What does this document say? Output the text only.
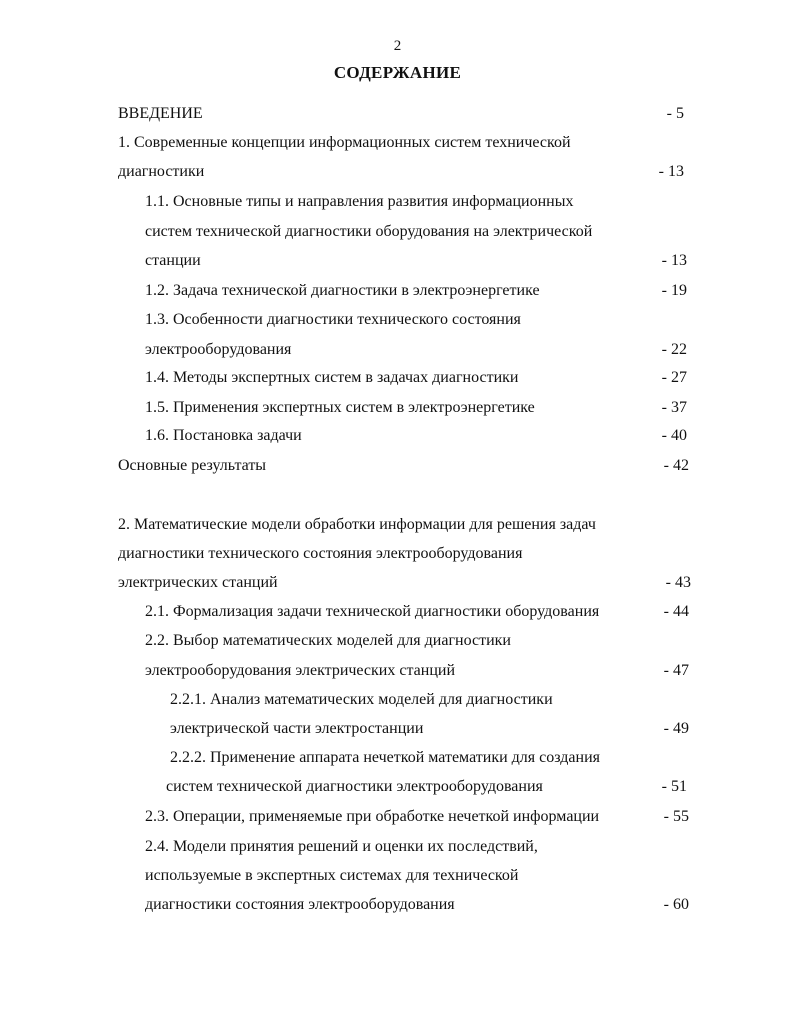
2
СОДЕРЖАНИЕ
ВВЕДЕНИЕ	- 5
1. Современные концепции информационных систем технической
диагностики	- 13
1.1. Основные типы и направления развития информационных
систем технической диагностики оборудования на электрической
станции	- 13
1.2. Задача технической диагностики в электроэнергетике	- 19
1.3. Особенности диагностики технического состояния
электрооборудования	- 22
1.4. Методы экспертных систем в задачах диагностики	- 27
1.5. Применения экспертных систем в электроэнергетике	- 37
1.6. Постановка задачи	- 40
Основные результаты	- 42
2. Математические модели обработки информации для решения задач
диагностики технического состояния электрооборудования
электрических станций	- 43
2.1. Формализация задачи технической диагностики оборудования	- 44
2.2. Выбор математических моделей для диагностики
электрооборудования электрических станций	- 47
2.2.1. Анализ математических моделей для диагностики
электрической части электростанции	- 49
2.2.2. Применение аппарата нечеткой математики для создания
систем технической диагностики электрооборудования	- 51
2.3. Операции, применяемые при обработке нечеткой информации	- 55
2.4. Модели принятия решений и оценки их последствий,
используемые в экспертных системах для технической
диагностики состояния электрооборудования	- 60
